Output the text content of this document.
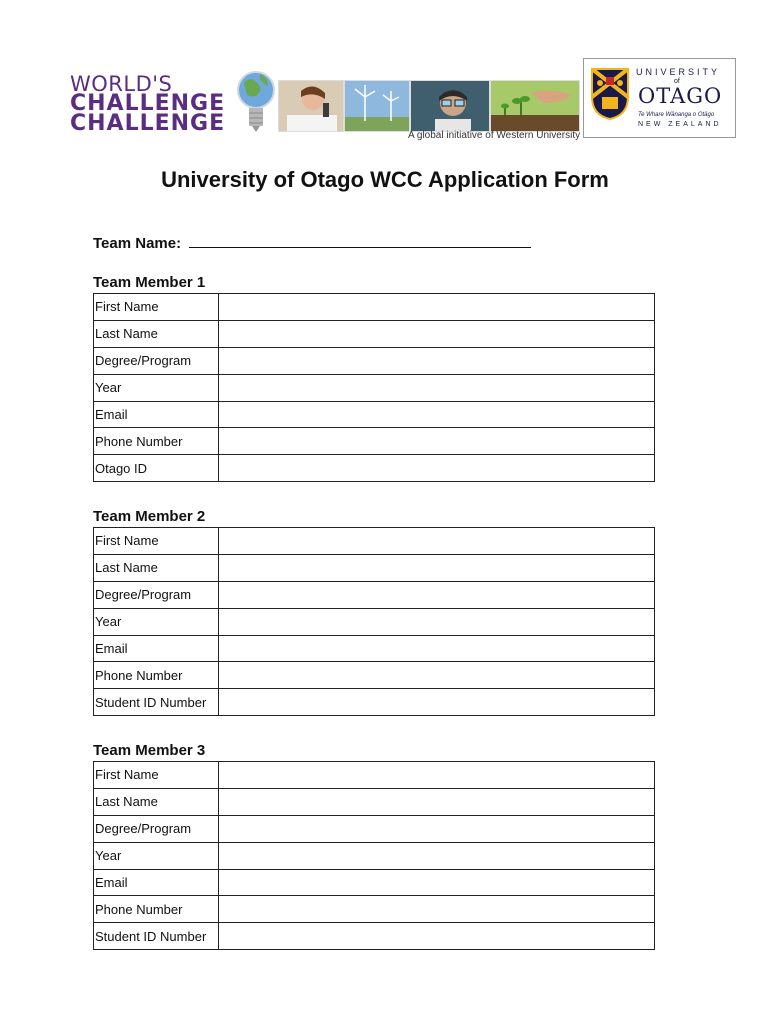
WORLD'S
CHALLENGE
CHALLENGE	A global initiative of Western University
UNIVERSITY
of
OTAGO
Te Whare Wānanga o Otāgo
NEW ZEALAND
University of Otago WCC Application Form
Team Name:
Team Member 1
First Name	
Last Name	
Degree/Program	
Year	
Email	
Phone Number	
Otago ID	
Team Member 2
First Name	
Last Name	
Degree/Program	
Year	
Email	
Phone Number	
Student ID Number	
Team Member 3
First Name	
Last Name	
Degree/Program	
Year	
Email	
Phone Number	
Student ID Number	
